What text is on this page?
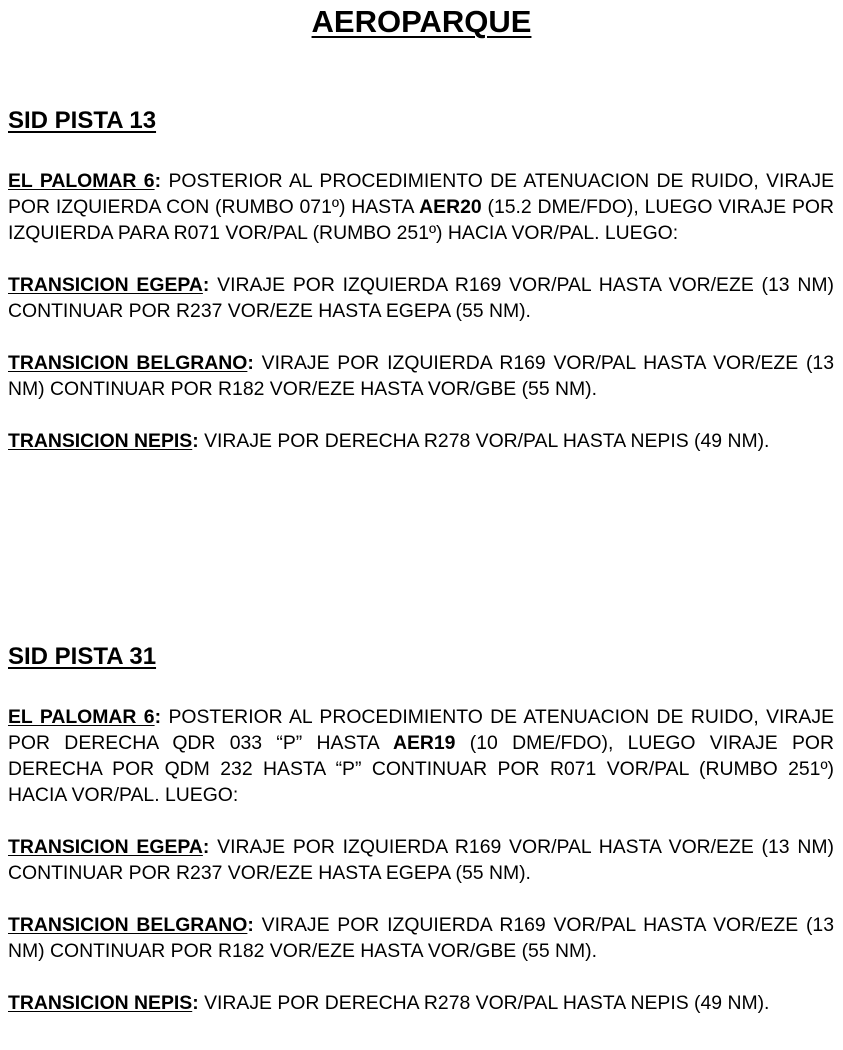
AEROPARQUE
SID PISTA 13

EL PALOMAR 6: POSTERIOR AL PROCEDIMIENTO DE ATENUACION DE RUIDO, VIRAJE POR IZQUIERDA CON (RUMBO 071º) HASTA AER20 (15.2 DME/FDO), LUEGO VIRAJE POR IZQUIERDA PARA R071 VOR/PAL (RUMBO 251º) HACIA VOR/PAL. LUEGO:

TRANSICION EGEPA: VIRAJE POR IZQUIERDA R169 VOR/PAL HASTA VOR/EZE (13 NM) CONTINUAR POR R237 VOR/EZE HASTA EGEPA (55 NM).

TRANSICION BELGRANO: VIRAJE POR IZQUIERDA R169 VOR/PAL HASTA VOR/EZE (13 NM) CONTINUAR POR R182 VOR/EZE HASTA VOR/GBE (55 NM).

TRANSICION NEPIS: VIRAJE POR DERECHA R278 VOR/PAL HASTA NEPIS (49 NM).

SID PISTA 31

EL PALOMAR 6: POSTERIOR AL PROCEDIMIENTO DE ATENUACION DE RUIDO, VIRAJE POR DERECHA QDR 033 “P” HASTA AER19 (10 DME/FDO), LUEGO VIRAJE POR DERECHA POR QDM 232 HASTA “P” CONTINUAR POR R071 VOR/PAL (RUMBO 251º) HACIA VOR/PAL. LUEGO:

TRANSICION EGEPA: VIRAJE POR IZQUIERDA R169 VOR/PAL HASTA VOR/EZE (13 NM) CONTINUAR POR R237 VOR/EZE HASTA EGEPA (55 NM).

TRANSICION BELGRANO: VIRAJE POR IZQUIERDA R169 VOR/PAL HASTA VOR/EZE (13 NM) CONTINUAR POR R182 VOR/EZE HASTA VOR/GBE (55 NM).

TRANSICION NEPIS: VIRAJE POR DERECHA R278 VOR/PAL HASTA NEPIS (49 NM).
